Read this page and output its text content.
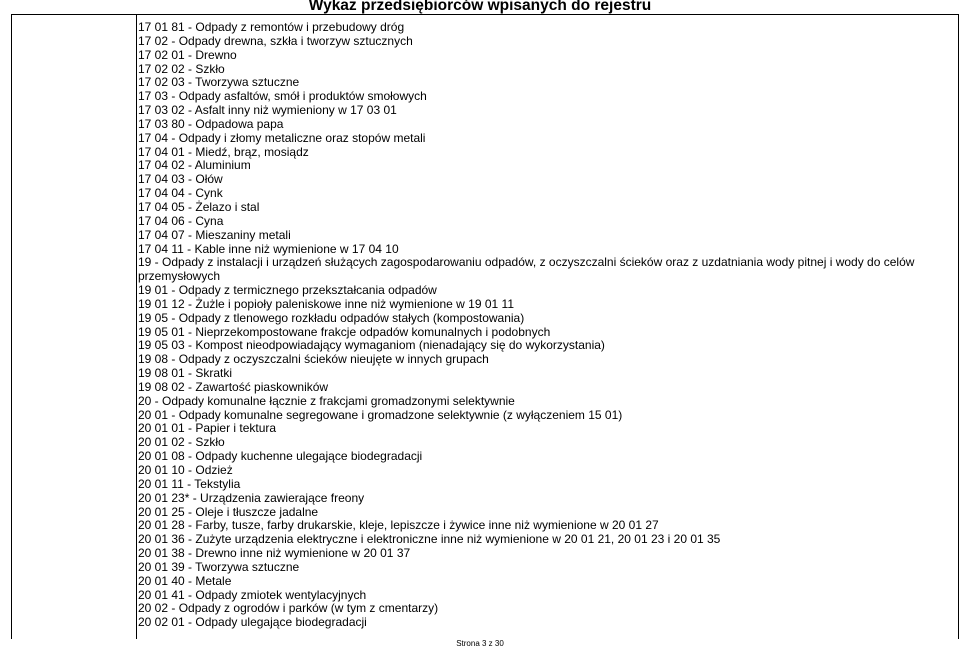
Wykaz przedsiębiorców wpisanych do rejestru
17 01 81 - Odpady z remontów i przebudowy dróg
17 02 - Odpady drewna, szkła i tworzyw sztucznych
17 02 01 - Drewno
17 02 02 - Szkło
17 02 03 - Tworzywa sztuczne
17 03 - Odpady asfaltów, smół i produktów smołowych
17 03 02 - Asfalt inny niż wymieniony w 17 03 01
17 03 80 - Odpadowa papa
17 04 - Odpady i złomy metaliczne oraz stopów metali
17 04 01 - Miedź, brąz, mosiądz
17 04 02 - Aluminium
17 04 03 - Ołów
17 04 04 - Cynk
17 04 05 - Żelazo i stal
17 04 06 - Cyna
17 04 07 - Mieszaniny metali
17 04 11 - Kable inne niż wymienione w 17 04 10
19 - Odpady z instalacji i urządzeń służących zagospodarowaniu odpadów, z oczyszczalni ścieków oraz z uzdatniania wody pitnej i wody do celów przemysłowych
19 01 - Odpady z termicznego przekształcania odpadów
19 01 12 - Żużle i popioły paleniskowe inne niż wymienione w 19 01 11
19 05 - Odpady z tlenowego rozkładu odpadów stałych (kompostowania)
19 05 01 - Nieprzekompostowane frakcje odpadów komunalnych i podobnych
19 05 03 - Kompost nieodpowiadający wymaganiom (nienadający się do wykorzystania)
19 08 - Odpady z oczyszczalni ścieków nieujęte w innych grupach
19 08 01 - Skratki
19 08 02 - Zawartość piaskowników
20 - Odpady komunalne łącznie z frakcjami gromadzonymi selektywnie
20 01 - Odpady komunalne segregowane i gromadzone selektywnie (z wyłączeniem 15 01)
20 01 01 - Papier i tektura
20 01 02 - Szkło
20 01 08 - Odpady kuchenne ulegające biodegradacji
20 01 10 - Odzież
20 01 11 - Tekstylia
20 01 23* - Urządzenia zawierające freony
20 01 25 - Oleje i tłuszcze jadalne
20 01 28 - Farby, tusze, farby drukarskie, kleje, lepiszcze i żywice inne niż wymienione w 20 01 27
20 01 36 - Zużyte urządzenia elektryczne i elektroniczne inne niż wymienione w 20 01 21, 20 01 23 i 20 01 35
20 01 38 - Drewno inne niż wymienione w 20 01 37
20 01 39 - Tworzywa sztuczne
20 01 40 - Metale
20 01 41 - Odpady zmiotek wentylacyjnych
20 02 - Odpady z ogrodów i parków (w tym z cmentarzy)
20 02 01 - Odpady ulegające biodegradacji
Strona 3 z 30
